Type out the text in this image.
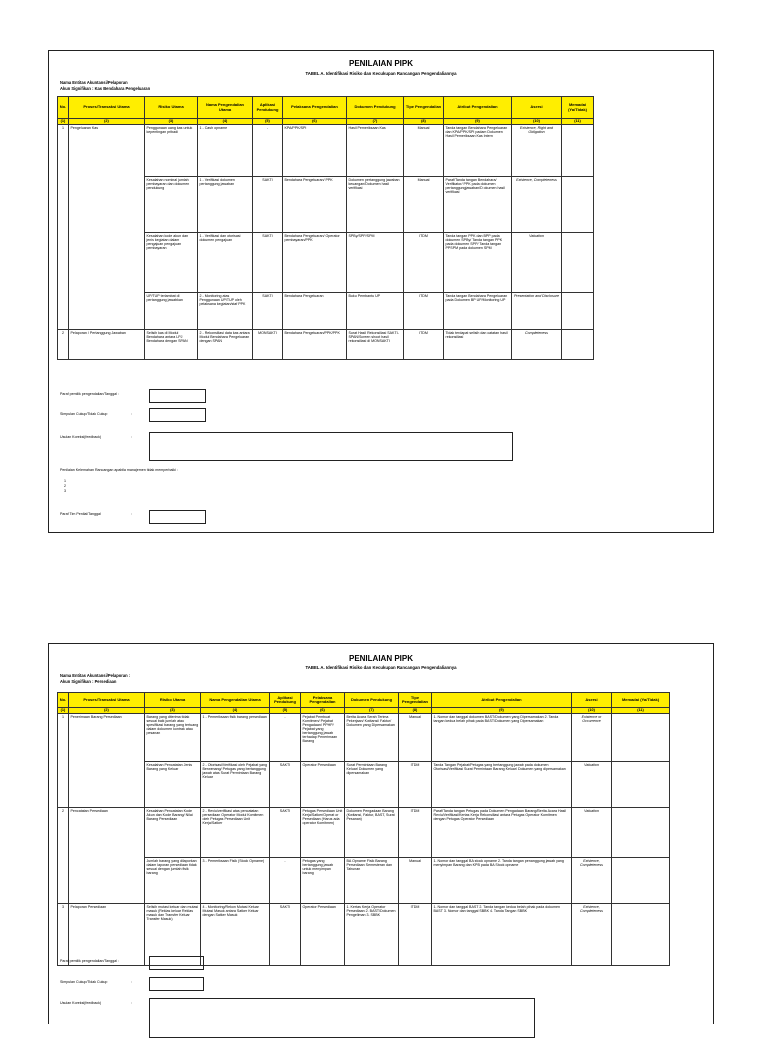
PENILAIAN PIPK
TABEL A. Identifikasi Risiko dan Kecukupan Rancangan Pengendaliannya
Nama Entitas Akuntansi/Pelaporan
Akun Signifikan : Kas Bendahara Pengeluaran
No.	Proses/Transaksi Utama	Risiko Utama	Nama Pengendalian Utama	Aplikasi Pendukung	Pelaksana Pengendalian	Dokumen Pendukung	Tipe Pengendalian	Atribut Pengendalian	Asersi	Memadai (Ya/Tidak)
(1)	(2)	(3)	(4)	(5)	(6)	(7)	(8)	(9)	(10)	(11)
1	Pengeluaran Kas	Penggunaan uang kas untuk kepentingan pribadi	1 - Cash opname	-	KPA/PPK/SPI	Hasil Pemeriksaan Kas	Manual	Tanda tangan Bendahara Pengeluaran dan KPA/PPK/SPI padam Dokumen Hasil Pemeriksaan Kas Intern	Existence, Right and Obligation	
		Kesalahan nominal jumlah pembayaran dan dokumen pendukung	1 - Verifikasi dokumen pertanggung jawaban	SAKTI	Bendahara Pengeluaran/ PPK	Dokumen pertanggung jawaban keuangan/Dokumen hasil verifikasi	Manual	Paraf/Tanda tangan Bendahara/ Verifikator/ PPK pada dokumen pertanggungjawaban/D okumen hasil verifikasi	Existence, Completeness	
		Kesalahan kode akun dan jenis kegiatan dalam pengajuan pengajuan pembayaran	1 - Verifikasi dan otorisasi dokumen pengajuan	SAKTI	Bendahara Pengeluaran/ Operator pembayaran/PPK	SPBy/SPP/SPM	ITDM	Tanda tangan PPK dan BPP pada dokumen SPBy/ Tanda tangan PPK pada dokumen SPP/ Tanda tangan PPSPM pada dokumen SPM	Valuation	
		UP/TUP terlambat di pertanggung jawabkan	2 - Monitoring atas Penggunaan UP/TUP oleh pelaksana kegiatan/staf PPK	SAKTI	Bendahara Pengeluaran	Buku Pembantu UP	ITDM	Tanda tangan Bendahara Pengeluaran pada Dokumen BP UP/Monitoring UP	Presentation and Disclosure	
2	Pelaporan / Pertanggung Jawaban	Selisih kas di Modul Bendahara antara LPJ Bendahara dengan SPAN	2 - Rekonsiliasi data kas antara Modul Bendahara Pengeluaran dengan SPAN	MONSAKTI	Bendahara Pengeluaran/PPK/PPK	Surat Hasil Rekonsiliasi SAKTI-SPAN/Screen shoot hasil rekonsiliasi di MONSAKTI	ITDM	Tidak terdapat selisih dan catatan hasil rekonsiliasi	Completeness	
Paraf pemilik pengendalian/Tanggal :
Simpulan Cukup/Tidak Cukup	:
Usulan Koreksi(feedback)	:
Penilaian Kelemahan Rancangan apabila manajemen tidak memperbaiki :
1
2
3
Paraf Tim Penilai/Tanggal	:
PENILAIAN PIPK
TABEL A. Identifikasi Risiko dan Kecukupan Rancangan Pengendaliannya
Nama Entitas Akuntansi/Pelaporan :
Akun Signifikan : Persediaan
No.	Proses/Transaksi Utama	Risiko Utama	Nama Pengendalian Utama	Aplikasi Pendukung	Pelaksana Pengendalian	Dokumen Pendukung	Tipe Pengendalian	Atribut Pengendalian	Asersi	Memadai (Ya/Tidak)
(1)	(2)	(3)	(4)	(5)	(6)	(7)	(8)	(9)	(10)	(11)
1	Penerimaan Barang Persediaan	Barang yang diterima tidak sesuai baik jumlah atau spesifikasi barang yang tertuang dalam dokumen kontrak atau pesanan	1 - Pemeriksaan fisik barang persediaan	-	Pejabat Pembuat Komitmen/ Pejabat Pengadaan/ PPHP/ Pejabat yang bertanggung jawab terhadap Penerimaan Barang	Berita Acara Serah Terima Pekerjaan/ Kwitansi/ Faktur/ Dokumen yang Dipersamakan	Manual	1. Nomor dan tanggal dokumen BAST/Dokumen yang Dipersamakan 2. Tanda tangan kedua belah pihak pada BAST/Dokumen yang Dipersamakan	Existence or Occurrence	
		Kesalahan Pencatatan Jenis Barang yang Keluar	2 - Otorisasi/Verifikasi oleh Pejabat yang Berwenang/ Petugas yang bertanggung jawab atas Surat Permintaan Barang Keluar	SAKTI	Operator Persediaan	Surat Permintaan Barang Keluar/ Dokumen yang dipersamakan	ITDM	Tanda Tangan Pejabat/Petugas yang bertanggung jawab pada dokumen Otorisasi/Verifikasi Surat Permintaan Barang Keluar/ Dokumen yang dipersamakan	Valuation	
2	Pencatatan Persediaan	Kesalahan Pencatatan Kode Akun dan Kode Barang/ Nilai Barang Persediaan	2 - Reviu/verifikasi atas pencatatan persediaan Operator Modul Komitmen oleh Petugas Persediaan Unit Kerja/Satker	SAKTI	Petugas Persediaan Unit Kerja/Satker/Operat or Persediaan (Harus ada operator Komitmen)	Dokumen Pengadaan Barang (Kwitansi, Faktur, BAST, Surat Pesanan)	ITDM	Paraf/Tanda tangan Petugas pada Dokumen Pengadaan Barang/Berita Acara Hasil Reviu/Verifikasi/Kertas Kerja Rekonsiliasi antara Petugas Operator Komitmen dengan Petugas Operator Persediaan	Valuation	
		Jumlah barang yang dilaporkan dalam laporan persediaan tidak sesuai dengan jumlah fisik barang	3 - Pemeriksaan Fisik (Stock Opname)	-	Petugas yang bertanggung jawab untuk menyimpan barang	BA Opname Fisik Barang Persediaan Semesteran dan Tahunan	Manual	1. Nomor dan tanggal BA stock opname 2. Tanda tangan penanggung jawab yang menyimpan Barang dan KPB pada BA Stock opname	Existence, Completeness	
3	Pelaporan Persediaan	Selisih mutasi keluar dan mutasi masuk (Reklas keluar Reklas masuk dan Transfer Keluar Transfer Masuk)	4 - Monitoring/Rekon Mutasi Keluar Mutasi Masuk antara Satker Keluar dengan Satker Masuk	SAKTI	Operator Persediaan	1. Kertas Kerja Operator Persediaan 2. BAST/Dokumen Pengeliman 3. SBBK	ITDM	1. Nomor dan tanggal BAST 2. Tanda tangan kedua belah pihak pada dokumen BAST 3. Nomor dan tanggal SBBK 4. Tanda Tangan SBBK	Existence, Completeness	
Paraf pemilik pengendalian/Tanggal :
Simpulan Cukup/Tidak Cukup	:
Usulan Koreksi(feedback)	:
